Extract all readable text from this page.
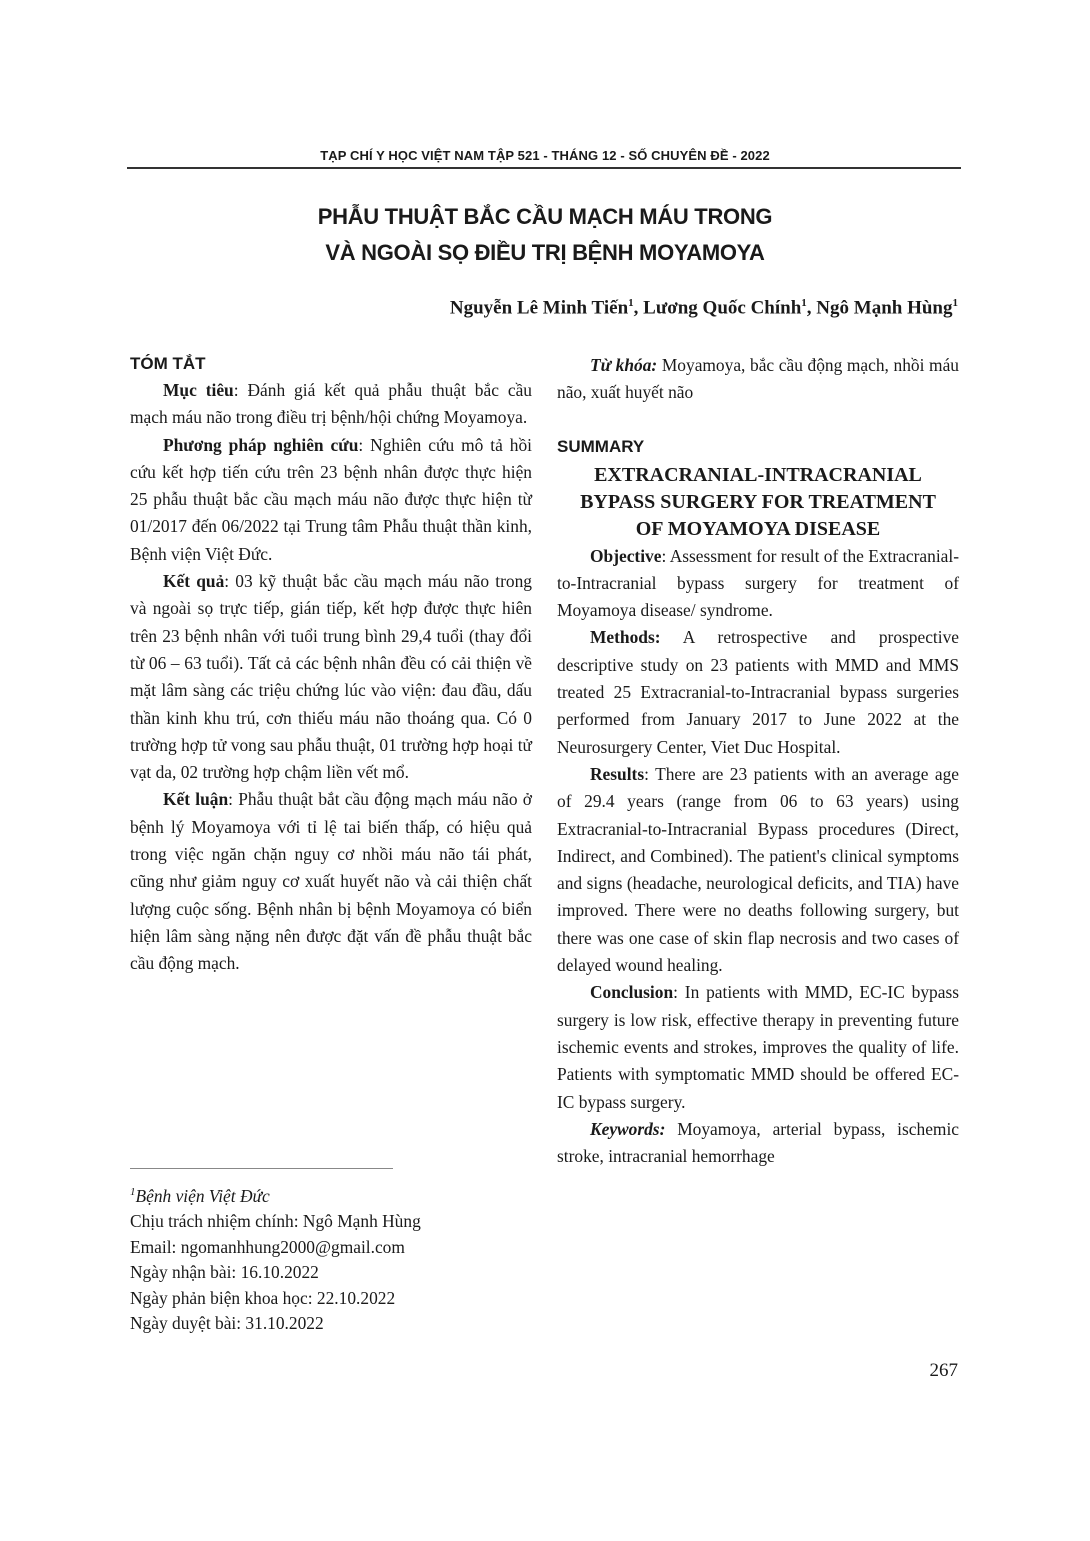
TẠP CHÍ Y HỌC VIỆT NAM TẬP 521 - THÁNG 12 - SỐ CHUYÊN ĐỀ - 2022
PHẪU THUẬT BẮC CẦU MẠCH MÁU TRONG
VÀ NGOÀI SỌ ĐIỀU TRỊ BỆNH MOYAMOYA
Nguyễn Lê Minh Tiến$^1$, Lương Quốc Chính$^1$, Ngô Mạnh Hùng$^1$
TÓM TẮT

Mục tiêu: Đánh giá kết quả phẫu thuật bắc cầu mạch máu não trong điều trị bệnh/hội chứng Moyamoya.

Phương pháp nghiên cứu: Nghiên cứu mô tả hồi cứu kết hợp tiến cứu trên 23 bệnh nhân được thực hiện 25 phẫu thuật bắc cầu mạch máu não được thực hiện từ 01/2017 đến 06/2022 tại Trung tâm Phẫu thuật thần kinh, Bệnh viện Việt Đức.

Kết quả: 03 kỹ thuật bắc cầu mạch máu não trong và ngoài sọ trực tiếp, gián tiếp, kết hợp được thực hiên trên 23 bệnh nhân với tuổi trung bình 29,4 tuổi (thay đổi từ 06 – 63 tuổi). Tất cả các bệnh nhân đều có cải thiện về mặt lâm sàng các triệu chứng lúc vào viện: đau đầu, dấu thần kinh khu trú, cơn thiếu máu não thoáng qua. Có 0 trường hợp tử vong sau phẫu thuật, 01 trường hợp hoại tử vạt da, 02 trường hợp chậm liền vết mổ.

Kết luận: Phẫu thuật bắt cầu động mạch máu não ở bệnh lý Moyamoya với tỉ lệ tai biến thấp, có hiệu quả trong việc ngăn chặn nguy cơ nhồi máu não tái phát, cũng như giảm nguy cơ xuất huyết não và cải thiện chất lượng cuộc sống. Bệnh nhân bị bệnh Moyamoya có biển hiện lâm sàng nặng nên được đặt vấn đề phẫu thuật bắc cầu động mạch.

Từ khóa: Moyamoya, bắc cầu động mạch, nhồi máu não, xuất huyết não

SUMMARY
EXTRACRANIAL-INTRACRANIAL
BYPASS SURGERY FOR TREATMENT
OF MOYAMOYA DISEASE

Objective: Assessment for result of the Extracranial-to-Intracranial bypass surgery for treatment of Moyamoya disease/ syndrome.

Methods: A retrospective and prospective descriptive study on 23 patients with MMD and MMS treated 25 Extracranial-to-Intracranial bypass surgeries performed from January 2017 to June 2022 at the Neurosurgery Center, Viet Duc Hospital.

Results: There are 23 patients with an average age of 29.4 years (range from 06 to 63 years) using Extracranial-to-Intracranial Bypass procedures (Direct, Indirect, and Combined). The patient's clinical symptoms and signs (headache, neurological deficits, and TIA) have improved. There were no deaths following surgery, but there was one case of skin flap necrosis and two cases of delayed wound healing.

Conclusion: In patients with MMD, EC-IC bypass surgery is low risk, effective therapy in preventing future ischemic events and strokes, improves the quality of life. Patients with symptomatic MMD should be offered EC-IC bypass surgery.

Keywords: Moyamoya, arterial bypass, ischemic stroke, intracranial hemorrhage

$^1$Bệnh viện Việt Đức
Chịu trách nhiệm chính: Ngô Mạnh Hùng
Email: ngomanhhung2000@gmail.com
Ngày nhận bài: 16.10.2022
Ngày phản biện khoa học: 22.10.2022
Ngày duyệt bài: 31.10.2022
267
